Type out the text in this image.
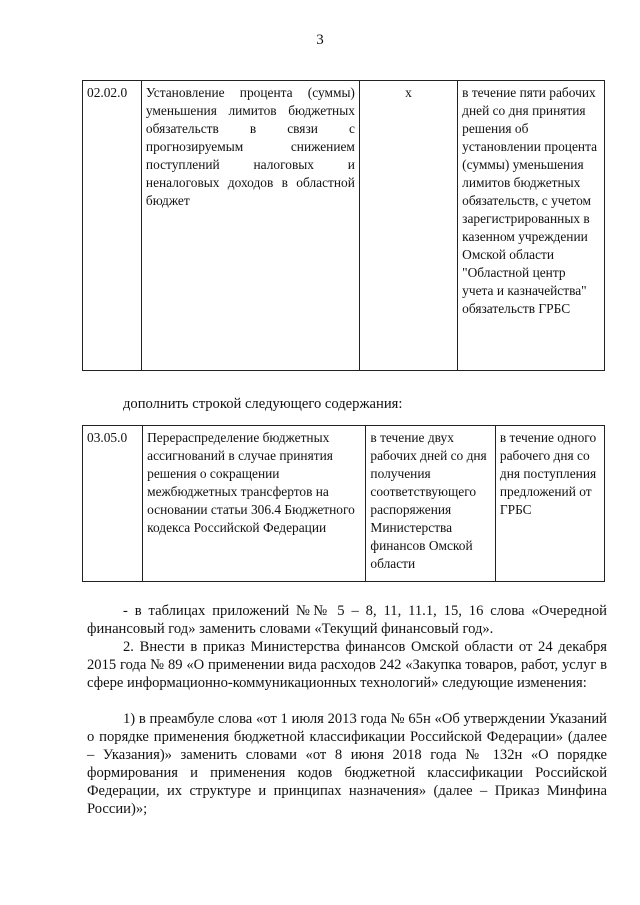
3
02.02.0	Установление процента (суммы) уменьшения лимитов бюджетных обязательств в связи с прогнозируемым снижением поступлений налоговых и неналоговых доходов в областной бюджет	х	в течение пяти рабочих дней со дня принятия решения об установлении процента (суммы) уменьшения лимитов бюджетных обязательств, с учетом зарегистрированных в казенном учреждении Омской области "Областной центр учета и казначейства" обязательств ГРБС
дополнить строкой следующего содержания:
03.05.0	Перераспределение бюджетных ассигнований в случае принятия решения о сокращении межбюджетных трансфертов на основании статьи 306.4 Бюджетного кодекса Российской Федерации	в течение двух рабочих дней со дня получения соответствующего распоряжения Министерства финансов Омской области	в течение одного рабочего дня со дня поступления предложений от ГРБС
- в таблицах приложений №№ 5 – 8, 11, 11.1, 15, 16 слова «Очередной финансовый год» заменить словами «Текущий финансовый год».
2. Внести в приказ Министерства финансов Омской области от 24 декабря 2015 года № 89 «О применении вида расходов 242 «Закупка товаров, работ, услуг в сфере информационно-коммуникационных технологий» следующие изменения:
1) в преамбуле слова «от 1 июля 2013 года № 65н «Об утверждении Указаний о порядке применения бюджетной классификации Российской Федерации» (далее – Указания)» заменить словами «от 8 июня 2018 года № 132н «О порядке формирования и применения кодов бюджетной классификации Российской Федерации, их структуре и принципах назначения» (далее – Приказ Минфина России)»;
